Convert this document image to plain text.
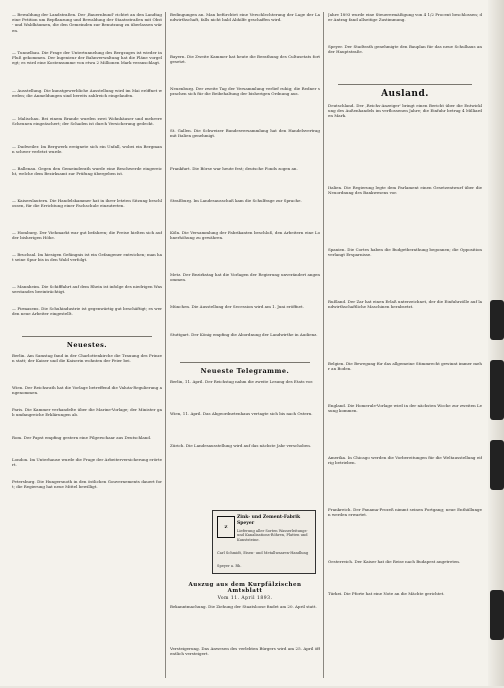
— Bewaldung der Landstraßen. Der ‚Bauernbund' richtet an den Landtag eine Petition um Bepflanzung und Bewaldung der Staatsstraßen mit Obst- und Waldbäumen, die den Gemeinden zur Benutzung zu überlassen wären.
— Tunnelbau. Die Frage der Untertunnelung des Bergzuges ist wieder in Fluß gekommen. Der Ingenieur der Bahnverwaltung hat die Pläne vorgelegt; es wird eine Kostensumme von etwa 2 Millionen Mark veranschlagt.
— Ausstellung. Die kunstgewerbliche Ausstellung wird im Mai eröffnet werden; die Anmeldungen sind bereits zahlreich eingelaufen.
— Malischau. Bei einem Brande wurden zwei Wohnhäuser und mehrere Scheunen eingeäschert; der Schaden ist durch Versicherung gedeckt.
— Dudweiler. Im Bergwerk ereignete sich ein Unfall, wobei ein Bergmann schwer verletzt wurde.
— Ballenau. Gegen den Gemeinderath wurde eine Beschwerde eingereicht, welche dem Bezirksamt zur Prüfung übergeben ist.
— Kaiserslautern. Die Handelskammer hat in ihrer letzten Sitzung beschlossen, für die Errichtung einer Fachschule einzutreten.
— Homburg. Der Viehmarkt war gut befahren; die Preise hielten sich auf der bisherigen Höhe.
— Bruchsal. Im hiesigen Gefängnis ist ein Gefangener entwichen; man hat seine Spur bis in den Wald verfolgt.
— Mannheim. Die Schifffahrt auf dem Rhein ist infolge des niedrigen Wasserstandes beeinträchtigt.
— Pirmasens. Die Schuhindustrie ist gegenwärtig gut beschäftigt; es werden neue Arbeiter eingestellt.
Neuestes.
Berlin. Am Samstag fand in der Charlottenkirche die Trauung des Prinzen statt; der Kaiser und die Kaiserin wohnten der Feier bei.
Wien. Der Reichsrath hat die Vorlage betreffend die Valuta-Regulierung angenommen.
Paris. Die Kammer verhandelte über die Marine-Vorlage; der Minister gab umfangreiche Erklärungen ab.
Rom. Der Papst empfing gestern eine Pilgerschaar aus Deutschland.
London. Im Unterhause wurde die Frage der Arbeiterversicherung erörtert.
Petersburg. Die Hungersnoth in den östlichen Gouvernements dauert fort; die Regierung hat neue Mittel bewilligt.
Bedingungen an. Man befürchtet eine Verschlechterung der Lage der Landwirthschaft, falls nicht bald Abhilfe geschaffen wird.
Bayern. Die Zweite Kammer hat heute die Berathung des Cultusetats fortgesetzt.
Neuenburg. Der zweite Tag der Versammlung verlief ruhig; die Redner sprachen sich für die Beibehaltung der bisherigen Ordnung aus.
St. Gallen. Die Schweizer Bundesversammlung hat den Handelsvertrag mit Italien genehmigt.
Frankfurt. Die Börse war heute fest; deutsche Fonds zogen an.
Straßburg. Im Landesausschuß kam die Schulfrage zur Sprache.
Köln. Die Versammlung der Fabrikanten beschloß, den Arbeitern eine Lohnerhöhung zu gewähren.
Metz. Der Bezirkstag hat die Vorlagen der Regierung unverändert angenommen.
München. Die Ausstellung der Secession wird am 1. Juni eröffnet.
Stuttgart. Der König empfing die Abordnung der Landwirthe in Audienz.
Neueste Telegramme.
Berlin, 11. April. Der Reichstag nahm die zweite Lesung des Etats vor.
Wien, 11. April. Das Abgeordnetenhaus vertagte sich bis nach Ostern.
Zürich. Die Landesausstellung wird auf das nächste Jahr verschoben.
Z
Zink- und Zement-Fabrik Speyer
Lieferung aller Sorten Wasserleitungs- und Kanalisations-Röhren, Platten und Kunststeine.
Carl Schmidt, Eisen- und Metallwaaren-Handlung
Speyer a. Rh.
Auszug aus dem Kurpfälzischen Amtsblatt
Vom 11. April 1893.
Bekanntmachung. Die Ziehung der Staatsloose findet am 20. April statt.
Versteigerung. Das Anwesen des verlebten Bürgers wird am 25. April öffentlich versteigert.
Jahre 1893 wurde eine Steuerermäßigung von 4 1/2 Procent beschlossen; der Antrag fand allseitige Zustimmung.
Speyer. Der Stadtrath genehmigte den Bauplan für das neue Schulhaus an der Hauptstraße.
Ausland.
Deutschland. Der ‚Reichs-Anzeiger' bringt einen Bericht über die Entwicklung des Außenhandels im verflossenen Jahre; die Einfuhr betrug 4 Milliarden Mark.
Italien. Die Regierung legte dem Parlament einen Gesetzentwurf über die Neuordnung des Bankwesens vor.
Spanien. Die Cortes haben die Budgetberathung begonnen; die Opposition verlangt Ersparnisse.
Rußland. Der Zar hat einen Erlaß unterzeichnet, der die Einfuhrzölle auf landwirthschaftliche Maschinen herabsetzt.
Belgien. Die Bewegung für das allgemeine Stimmrecht gewinnt immer mehr an Boden.
England. Die Homerule-Vorlage wird in der nächsten Woche zur zweiten Lesung kommen.
Amerika. In Chicago werden die Vorbereitungen für die Weltausstellung eifrig betrieben.
Frankreich. Der Panama-Prozeß nimmt seinen Fortgang; neue Enthüllungen werden erwartet.
Oesterreich. Der Kaiser hat die Reise nach Budapest angetreten.
Türkei. Die Pforte hat eine Note an die Mächte gerichtet.
